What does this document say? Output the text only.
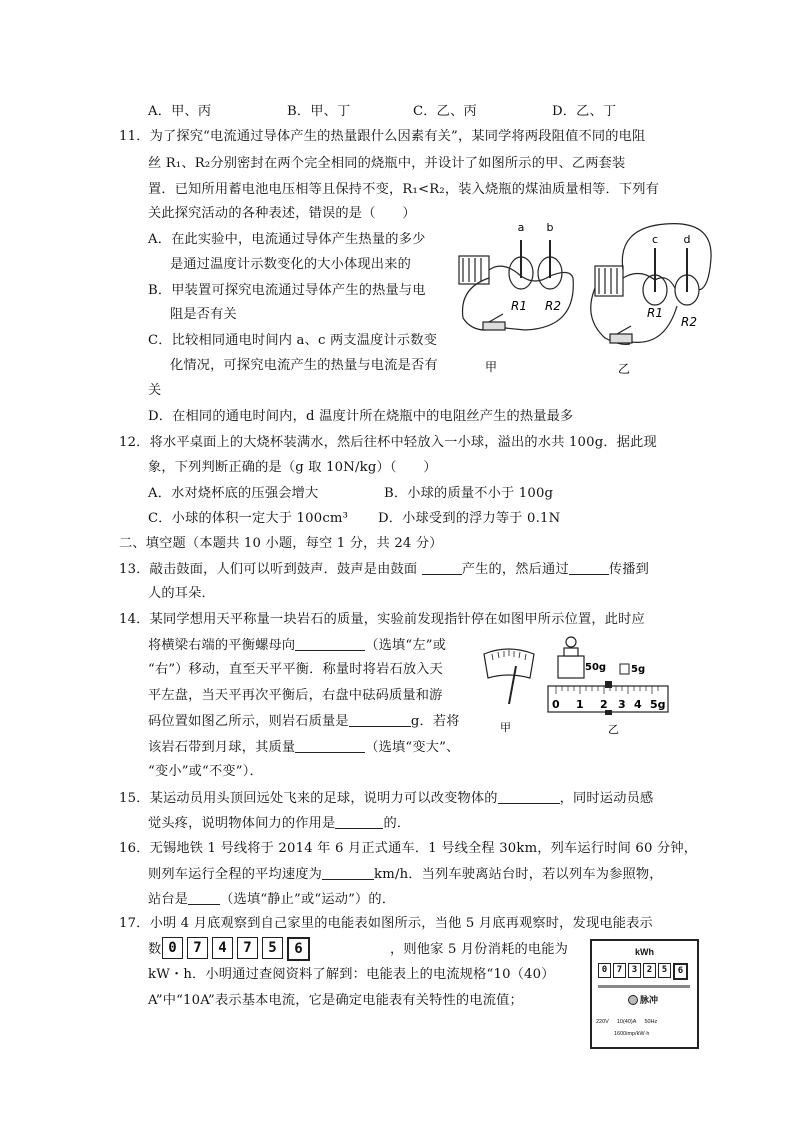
A．甲、丙	B．甲、丁	C．乙、丙	D．乙、丁
11．为了探究“电流通过导体产生的热量跟什么因素有关”，某同学将两段阻值不同的电阻
丝 R₁、R₂分别密封在两个完全相同的烧瓶中，并设计了如图所示的甲、乙两套装
置．已知所用蓄电池电压相等且保持不变，R₁<R₂，装入烧瓶的煤油质量相等．下列有
关此探究活动的各种表述，错误的是（　　）
A．在此实验中，电流通过导体产生热量的多少
是通过温度计示数变化的大小体现出来的
B．甲装置可探究电流通过导体产生的热量与电
阻是否有关
C．比较相同通电时间内 a、c 两支温度计示数变
化情况，可探究电流产生的热量与电流是否有
关
D．在相同的通电时间内，d 温度计所在烧瓶中的电阻丝产生的热量最多
a b
R1 R2
甲
c d
R1
R2
乙
12．将水平桌面上的大烧杯装满水，然后往杯中轻放入一小球，溢出的水共 100g．据此现
象，下列判断正确的是（g 取 10N/kg）（　　）
A．水对烧杯底的压强会增大	B．小球的质量不小于 100g
C．小球的体积一定大于 100cm³ D．小球受到的浮力等于 0.1N
二、填空题（本题共 10 小题，每空 1 分，共 24 分）
13．敲击鼓面，人们可以听到鼓声．鼓声是由鼓面	产生的，然后通过	传播到
人的耳朵．
14．某同学想用天平称量一块岩石的质量，实验前发现指针停在如图甲所示位置，此时应
将横梁右端的平衡螺母向	（选填“左”或
“右”）移动，直至天平平衡．称量时将岩石放入天
平左盘，当天平再次平衡后，右盘中砝码质量和游
码位置如图乙所示，则岩石质量是	g．若将
该岩石带到月球，其质量	（选填“变大”、
“变小”或“不变”）．
甲
50g 5g
0 1 2 3 4 5g
乙
15．某运动员用头顶回远处飞来的足球，说明力可以改变物体的	，同时运动员感
觉头疼，说明物体间力的作用是	的．
16．无锡地铁 1 号线将于 2014 年 6 月正式通车．1 号线全程 30km，列车运行时间 60 分钟，
则列车运行全程的平均速度为	km/h．当列车驶离站台时，若以列车为参照物，
站台是 （选填“静止”或“运动”）的．
17．小明 4 月底观察到自己家里的电能表如图所示，当他 5 月底再观察时，发现电能表示
数 0	7	4	7	5	6	，则他家 5 月份消耗的电能为
kW・h．小明通过查阅资料了解到：电能表上的电流规格“10（40）
A”中“10A”表示基本电流，它是确定电能表有关特性的电流值；
kWh
0	7	3	2	5	6
脉冲
220V 10(40)A 50Hz
1600imp/kW·h
